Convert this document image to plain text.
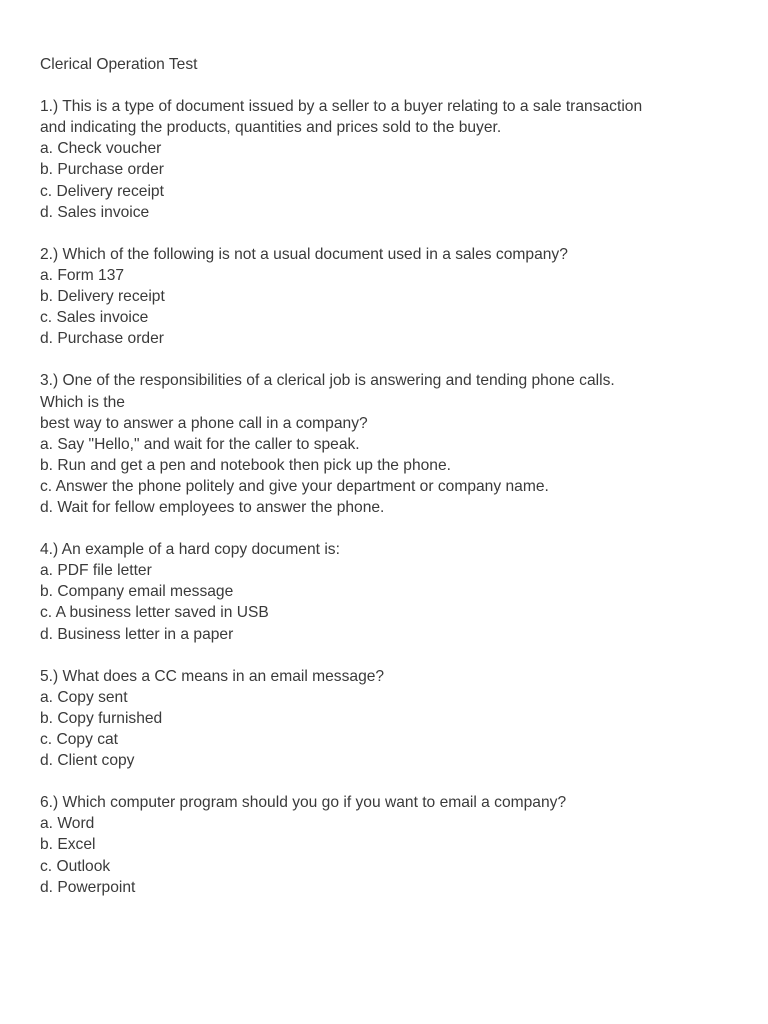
Clerical Operation Test
1.) This is a type of document issued by a seller to a buyer relating to a sale transaction
and indicating the products, quantities and prices sold to the buyer.
a. Check voucher
b. Purchase order
c. Delivery receipt
d. Sales invoice
2.) Which of the following is not a usual document used in a sales company?
a. Form 137
b. Delivery receipt
c. Sales invoice
d. Purchase order
3.) One of the responsibilities of a clerical job is answering and tending phone calls.
Which is the
best way to answer a phone call in a company?
a. Say "Hello," and wait for the caller to speak.
b. Run and get a pen and notebook then pick up the phone.
c. Answer the phone politely and give your department or company name.
d. Wait for fellow employees to answer the phone.
4.) An example of a hard copy document is:
a. PDF file letter
b. Company email message
c. A business letter saved in USB
d. Business letter in a paper
5.) What does a CC means in an email message?
a. Copy sent
b. Copy furnished
c. Copy cat
d. Client copy
6.) Which computer program should you go if you want to email a company?
a. Word
b. Excel
c. Outlook
d. Powerpoint
